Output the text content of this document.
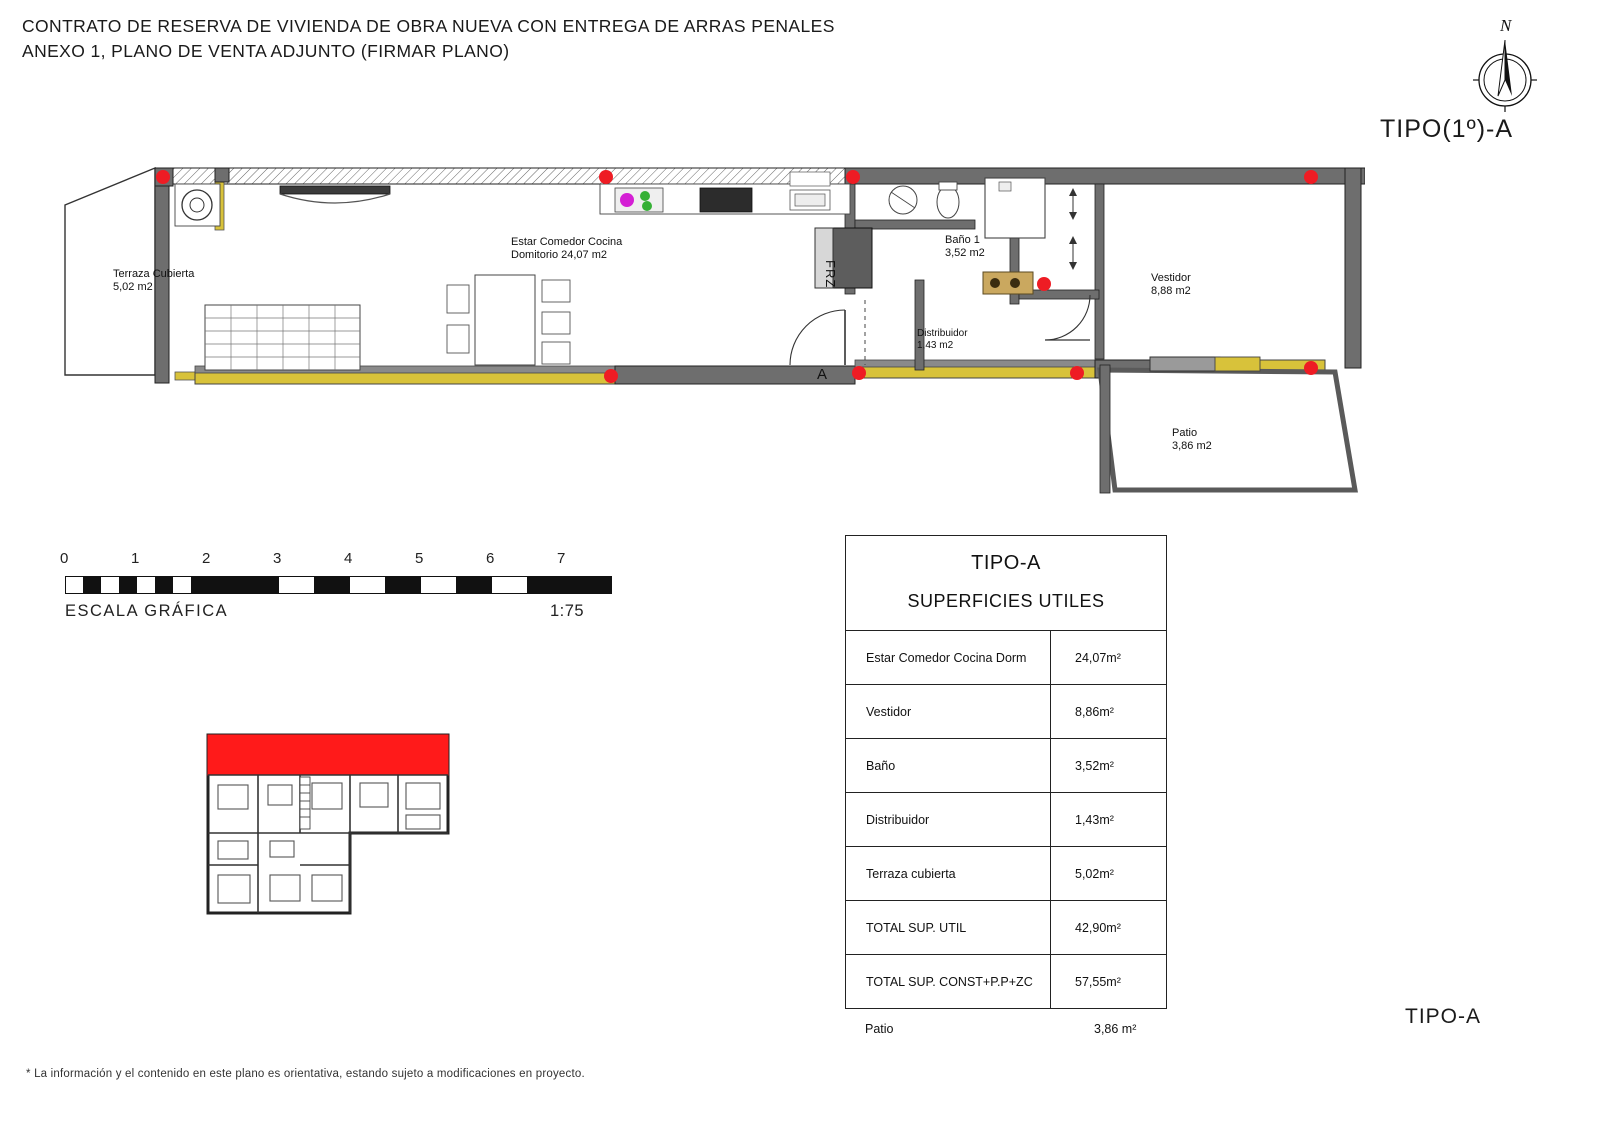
CONTRATO DE RESERVA DE VIVIENDA DE OBRA NUEVA CON ENTREGA DE ARRAS PENALES
ANEXO 1, PLANO DE VENTA ADJUNTO (FIRMAR PLANO)
N
TIPO(1º)-A
TIPO-A
Terraza Cubierta
5,02 m2
Estar Comedor Cocina
Domitorio 24,07 m2
Baño 1
3,52 m2
Vestidor
8,88 m2
Distribuidor
1,43 m2
Patio
3,86 m2
A
FRZ
0	1	2	3	4	5	6	7
ESCALA GRÁFICA	1:75
TIPO-A
SUPERFICIES UTILES
Estar Comedor Cocina Dorm	24,07m²
Vestidor	8,86m²
Baño	3,52m²
Distribuidor	1,43m²
Terraza cubierta	5,02m²
TOTAL SUP. UTIL	42,90m²
TOTAL SUP. CONST+P.P+ZC	57,55m²
Patio	3,86 m²
* La información y el contenido en este plano es orientativa, estando sujeto a modificaciones en proyecto.
